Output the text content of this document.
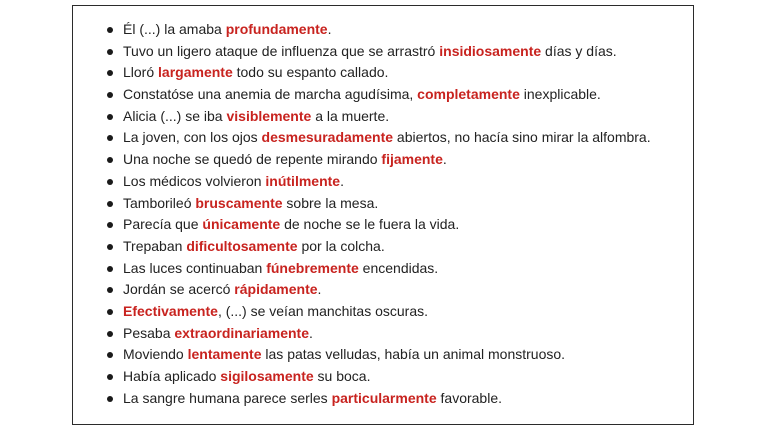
Él (...) la amaba profundamente.
Tuvo un ligero ataque de influenza que se arrastró insidiosamente días y días.
Lloró largamente todo su espanto callado.
Constatóse una anemia de marcha agudísima, completamente inexplicable.
Alicia (...) se iba visiblemente a la muerte.
La joven, con los ojos desmesuradamente abiertos, no hacía sino mirar la alfombra.
Una noche se quedó de repente mirando fijamente.
Los médicos volvieron inútilmente.
Tamborileó bruscamente sobre la mesa.
Parecía que únicamente de noche se le fuera la vida.
Trepaban dificultosamente por la colcha.
Las luces continuaban fúnebremente encendidas.
Jordán se acercó rápidamente.
Efectivamente, (...) se veían manchitas oscuras.
Pesaba extraordinariamente.
Moviendo lentamente las patas velludas, había un animal monstruoso.
Había aplicado sigilosamente su boca.
La sangre humana parece serles particularmente favorable.
